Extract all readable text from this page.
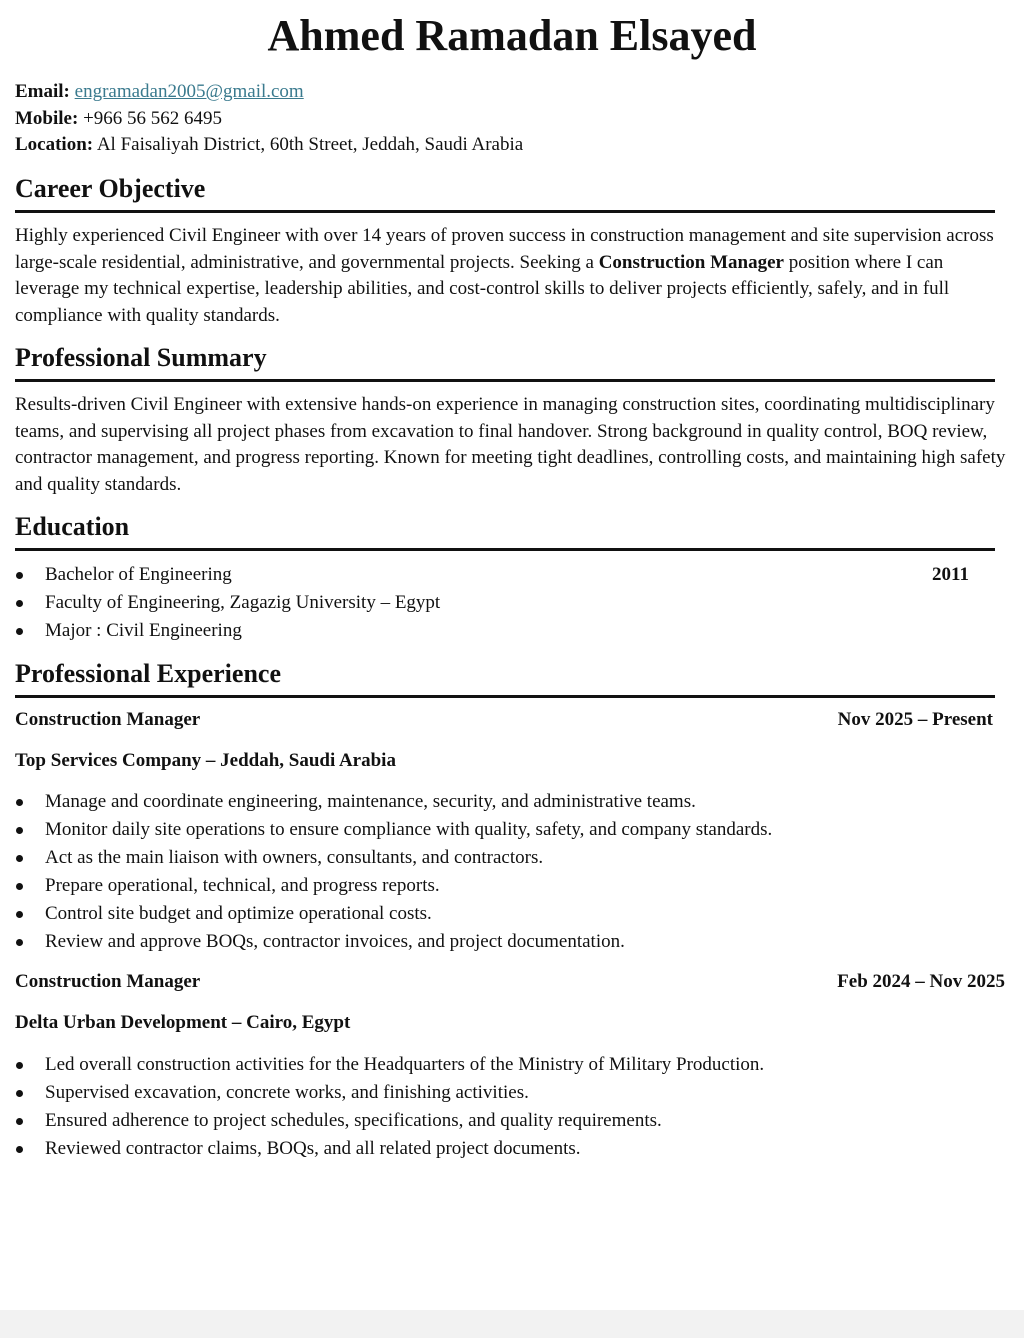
Ahmed Ramadan Elsayed
Email: engramadan2005@gmail.com
Mobile: +966 56 562 6495
Location: Al Faisaliyah District, 60th Street, Jeddah, Saudi Arabia
Career Objective

Highly experienced Civil Engineer with over 14 years of proven success in construction management and site supervision across large-scale residential, administrative, and governmental projects. Seeking a Construction Manager position where I can leverage my technical expertise, leadership abilities, and cost-control skills to deliver projects efficiently, safely, and in full compliance with quality standards.

Professional Summary

Results-driven Civil Engineer with extensive hands-on experience in managing construction sites, coordinating multidisciplinary teams, and supervising all project phases from excavation to final handover. Strong background in quality control, BOQ review, contractor management, and progress reporting. Known for meeting tight deadlines, controlling costs, and maintaining high safety and quality standards.

Education
Bachelor of Engineering	2011
Faculty of Engineering, Zagazig University – Egypt
Major : Civil Engineering
Professional Experience
Construction Manager	Nov 2025 – Present
Top Services Company – Jeddah, Saudi Arabia
Manage and coordinate engineering, maintenance, security, and administrative teams.
Monitor daily site operations to ensure compliance with quality, safety, and company standards.
Act as the main liaison with owners, consultants, and contractors.
Prepare operational, technical, and progress reports.
Control site budget and optimize operational costs.
Review and approve BOQs, contractor invoices, and project documentation.
Construction Manager	Feb 2024 – Nov 2025
Delta Urban Development – Cairo, Egypt
Led overall construction activities for the Headquarters of the Ministry of Military Production.
Supervised excavation, concrete works, and finishing activities.
Ensured adherence to project schedules, specifications, and quality requirements.
Reviewed contractor claims, BOQs, and all related project documents.
